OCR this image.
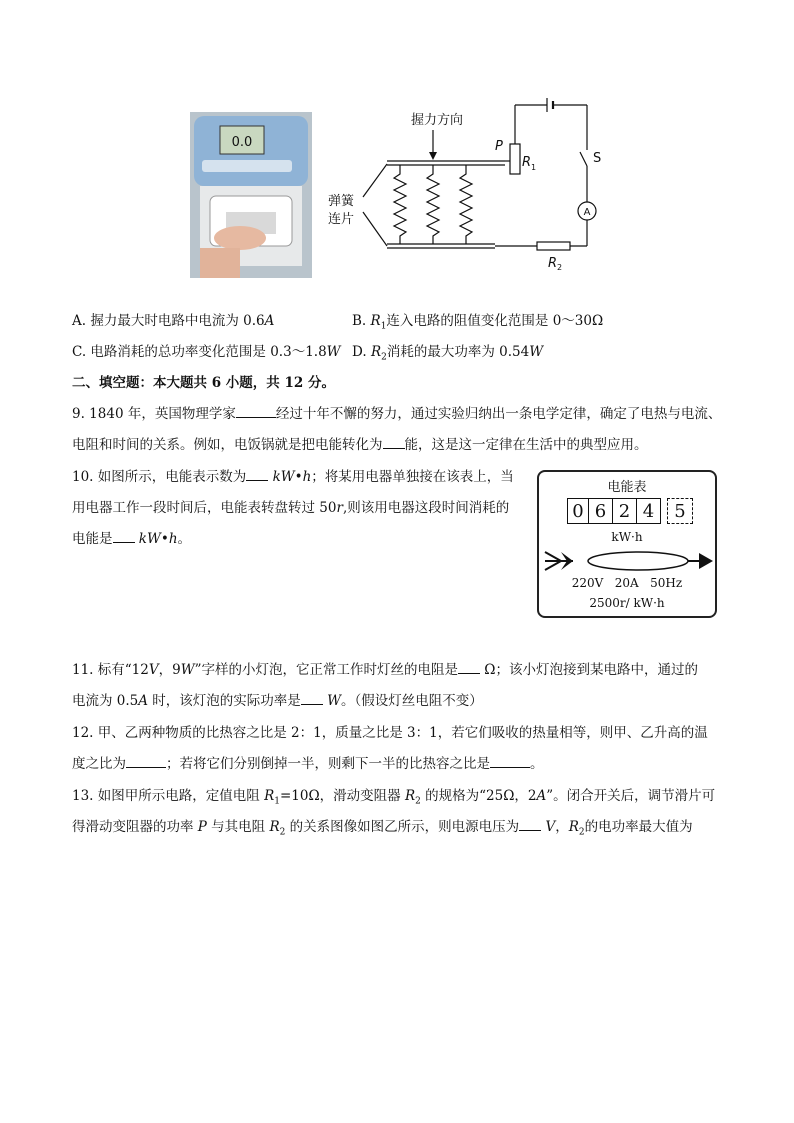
0.0
握力方向
弹簧
连片
P
R 1
S
A
R 2
A. 握力最大时电路中电流为 0.6A	B. $R_1$连入电路的阻值变化范围是 0～30Ω
C. 电路消耗的总功率变化范围是 0.3～1.8W D. $R_2$消耗的最大功率为 0.54W
二、填空题：本大题共 6 小题，共 12 分。
9. 1840 年，英国物理学家	经过十年不懈的努力，通过实验归纳出一条电学定律，确定了电热与电流、
电阻和时间的关系。例如，电饭锅就是把电能转化为 能，这是这一定律在生活中的典型应用。
10. 如图所示，电能表示数为 kW•h；将某用电器单独接在该表上，当
用电器工作一段时间后，电能表转盘转过 50r,则该用电器这段时间消耗的
电能是 kW•h。
电能表
0 6 2 4	5
kW·h
220V   20A   50Hz
2500r/ kW·h
11. 标有“12V，9W”字样的小灯泡，它正常工作时灯丝的电阻是 Ω；该小灯泡接到某电路中，通过的
电流为 0.5A 时，该灯泡的实际功率是 W。（假设灯丝电阻不变）
12. 甲、乙两种物质的比热容之比是 2：1，质量之比是 3：1，若它们吸收的热量相等，则甲、乙升高的温
度之比为	；若将它们分别倒掉一半，则剩下一半的比热容之比是	。
13. 如图甲所示电路，定值电阻 $R_1=10\Omega$，滑动变阻器 $R_2$ 的规格为“25Ω，2A”。闭合开关后，调节滑片可
得滑动变阻器的功率 P 与其电阻 $R_2$ 的关系图像如图乙所示，则电源电压为 V，$R_2$的电功率最大值为
